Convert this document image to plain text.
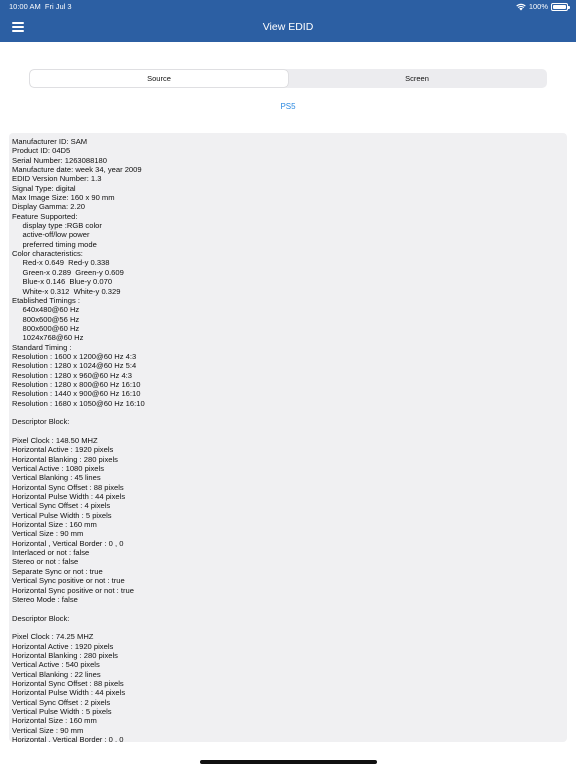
10:00 AM Fri Jul 3	100%
View EDID
Source	Screen
PS5
Manufacturer ID: SAM
Product ID: 04D5
Serial Number: 1263088180
Manufacture date: week 34, year 2009
EDID Version Number: 1.3
Signal Type: digital
Max Image Size: 160 x 90 mm
Display Gamma: 2.20
Feature Supported:
display type :RGB color
active-off/low power
preferred timing mode
Color characteristics:
Red-x 0.649  Red-y 0.338
Green-x 0.289  Green-y 0.609
Blue-x 0.146  Blue-y 0.070
White-x 0.312  White-y 0.329
Etablished Timings :
640x480@60 Hz
800x600@56 Hz
800x600@60 Hz
1024x768@60 Hz
Standard Timing :
Resolution : 1600 x 1200@60 Hz 4:3
Resolution : 1280 x 1024@60 Hz 5:4
Resolution : 1280 x 960@60 Hz 4:3
Resolution : 1280 x 800@60 Hz 16:10
Resolution : 1440 x 900@60 Hz 16:10
Resolution : 1680 x 1050@60 Hz 16:10
Descriptor Block:
Pixel Clock : 148.50 MHZ
Horizontal Active : 1920 pixels
Horizontal Blanking : 280 pixels
Vertical Active : 1080 pixels
Vertical Blanking : 45 lines
Horizontal Sync Offset : 88 pixels
Horizontal Pulse Width : 44 pixels
Vertical Sync Offset : 4 pixels
Vertical Pulse Width : 5 pixels
Horizontal Size : 160 mm
Vertical Size : 90 mm
Horizontal , Vertical Border : 0 , 0
Interlaced or not : false
Stereo or not : false
Separate Sync or not : true
Vertical Sync positive or not : true
Horizontal Sync positive or not : true
Stereo Mode : false
Descriptor Block:
Pixel Clock : 74.25 MHZ
Horizontal Active : 1920 pixels
Horizontal Blanking : 280 pixels
Vertical Active : 540 pixels
Vertical Blanking : 22 lines
Horizontal Sync Offset : 88 pixels
Horizontal Pulse Width : 44 pixels
Vertical Sync Offset : 2 pixels
Vertical Pulse Width : 5 pixels
Horizontal Size : 160 mm
Vertical Size : 90 mm
Horizontal , Vertical Border : 0 , 0
